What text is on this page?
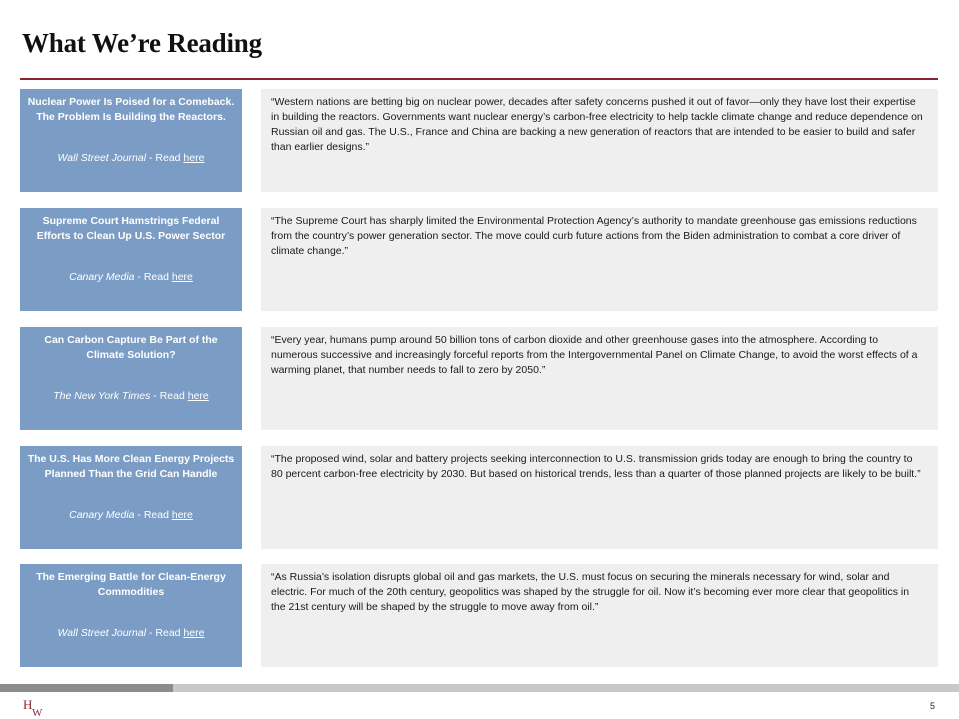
What We’re Reading
Nuclear Power Is Poised for a Comeback. The Problem Is Building the Reactors.
Wall Street Journal - Read here
“Western nations are betting big on nuclear power, decades after safety concerns pushed it out of favor—only they have lost their expertise in building the reactors. Governments want nuclear energy’s carbon-free electricity to help tackle climate change and reduce dependence on Russian oil and gas. The U.S., France and China are backing a new generation of reactors that are intended to be easier to build and safer than earlier designs.”
Supreme Court Hamstrings Federal Efforts to Clean Up U.S. Power Sector
Canary Media - Read here
“The Supreme Court has sharply limited the Environmental Protection Agency’s authority to mandate greenhouse gas emissions reductions from the country’s power generation sector. The move could curb future actions from the Biden administration to combat a core driver of climate change.”
Can Carbon Capture Be Part of the Climate Solution?
The New York Times - Read here
“Every year, humans pump around 50 billion tons of carbon dioxide and other greenhouse gases into the atmosphere. According to numerous successive and increasingly forceful reports from the Intergovernmental Panel on Climate Change, to avoid the worst effects of a warming planet, that number needs to fall to zero by 2050.”
The U.S. Has More Clean Energy Projects Planned Than the Grid Can Handle
Canary Media - Read here
“The proposed wind, solar and battery projects seeking interconnection to U.S. transmission grids today are enough to bring the country to 80 percent carbon-free electricity by 2030. But based on historical trends, less than a quarter of those planned projects are likely to be built.”
The Emerging Battle for Clean-Energy Commodities
Wall Street Journal - Read here
“As Russia’s isolation disrupts global oil and gas markets, the U.S. must focus on securing the minerals necessary for wind, solar and electric. For much of the 20th century, geopolitics was shaped by the struggle for oil. Now it’s becoming ever more clear that geopolitics in the 21st century will be shaped by the struggle to move away from oil.”
H
W
5
